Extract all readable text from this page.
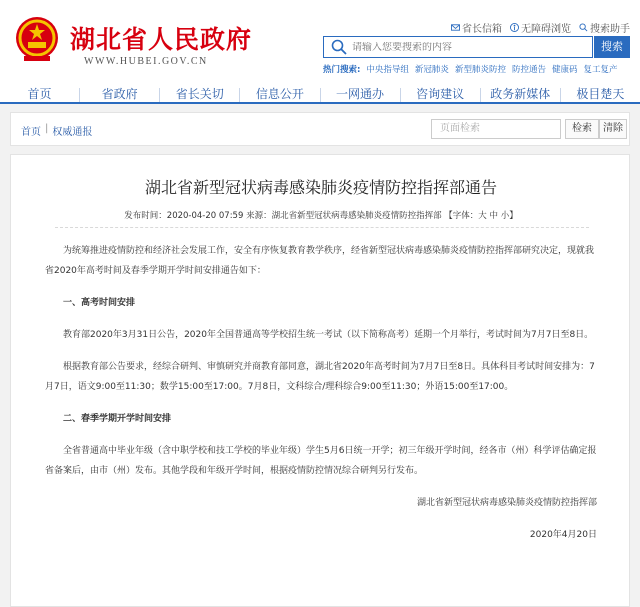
湖北省人民政府
WWW.HUBEI.GOV.CN
省长信箱 无障碍浏览 搜索助手
请输入您要搜索的内容
搜索
热门搜索: 中央指导组 新冠肺炎 新型肺炎防控 防控通告 健康码 复工复产
首页	省政府	省长关切	信息公开	一网通办	咨询建议	政务新媒体	极目楚天
首页 | 权威通报	页面检索	检索	清除
湖北省新型冠状病毒感染肺炎疫情防控指挥部通告
发布时间：2020-04-20 07:59 来源：湖北省新型冠状病毒感染肺炎疫情防控指挥部 【字体：大 中 小】

为统筹推进疫情防控和经济社会发展工作，安全有序恢复教育教学秩序，经省新型冠状病毒感染肺炎疫情防控指挥部研究决定，现就我省2020年高考时间及春季学期开学时间安排通告如下：

一、高考时间安排

教育部2020年3月31日公告，2020年全国普通高等学校招生统一考试（以下简称高考）延期一个月举行，考试时间为7月7日至8日。

根据教育部公告要求，经综合研判、审慎研究并商教育部同意，湖北省2020年高考时间为7月7日至8日。具体科目考试时间安排为：7月7日，语文9:00至11:30；数学15:00至17:00。7月8日，文科综合/理科综合9:00至11:30；外语15:00至17:00。

二、春季学期开学时间安排

全省普通高中毕业年级（含中职学校和技工学校的毕业年级）学生5月6日统一开学；初三年级开学时间，经各市（州）科学评估确定报省备案后，由市（州）发布。其他学段和年级开学时间，根据疫情防控情况综合研判另行发布。

湖北省新型冠状病毒感染肺炎疫情防控指挥部

2020年4月20日
